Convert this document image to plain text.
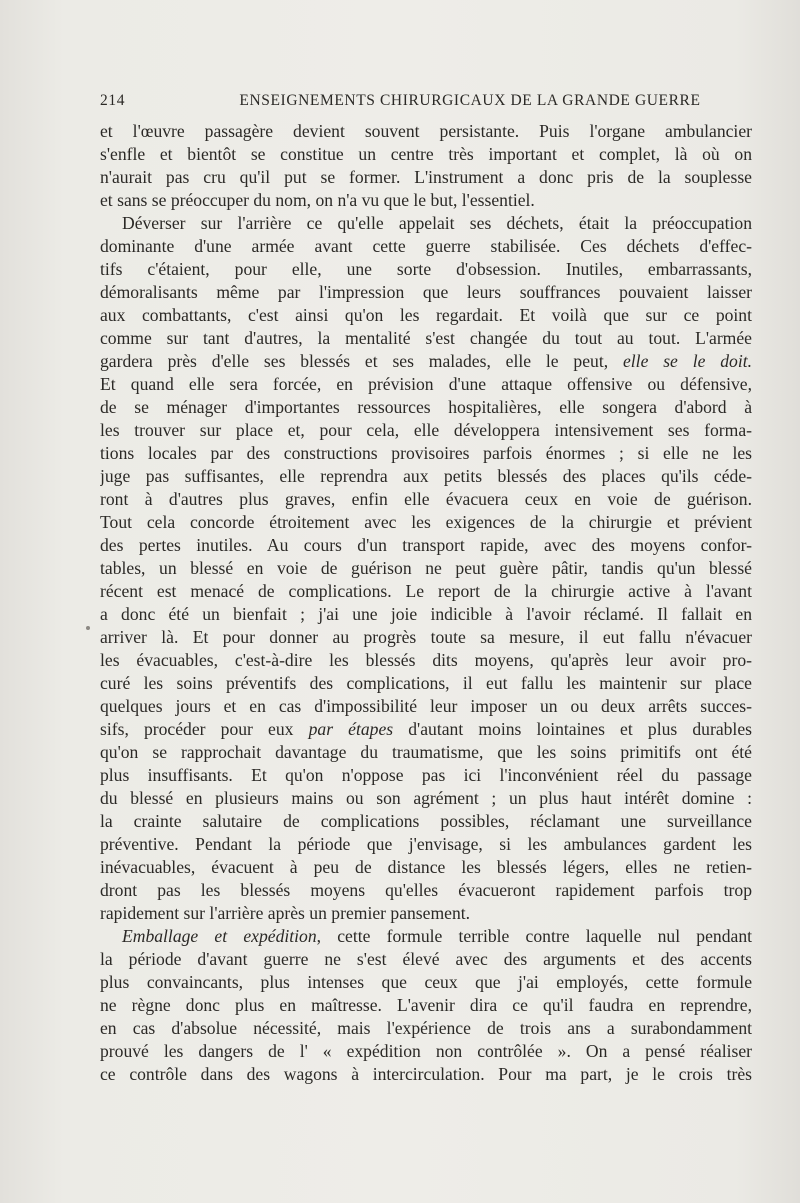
214	ENSEIGNEMENTS CHIRURGICAUX DE LA GRANDE GUERRE
et l'œuvre passagère devient souvent persistante. Puis l'organe ambulancier
s'enfle et bientôt se constitue un centre très important et complet, là où on
n'aurait pas cru qu'il put se former. L'instrument a donc pris de la souplesse
et sans se préoccuper du nom, on n'a vu que le but, l'essentiel.
Déverser sur l'arrière ce qu'elle appelait ses déchets, était la préoccupation
dominante d'une armée avant cette guerre stabilisée. Ces déchets d'effec-
tifs c'étaient, pour elle, une sorte d'obsession. Inutiles, embarrassants,
démoralisants même par l'impression que leurs souffrances pouvaient laisser
aux combattants, c'est ainsi qu'on les regardait. Et voilà que sur ce point
comme sur tant d'autres, la mentalité s'est changée du tout au tout. L'armée
gardera près d'elle ses blessés et ses malades, elle le peut, elle se le doit.
Et quand elle sera forcée, en prévision d'une attaque offensive ou défensive,
de se ménager d'importantes ressources hospitalières, elle songera d'abord à
les trouver sur place et, pour cela, elle développera intensivement ses forma-
tions locales par des constructions provisoires parfois énormes ; si elle ne les
juge pas suffisantes, elle reprendra aux petits blessés des places qu'ils céde-
ront à d'autres plus graves, enfin elle évacuera ceux en voie de guérison.
Tout cela concorde étroitement avec les exigences de la chirurgie et prévient
des pertes inutiles. Au cours d'un transport rapide, avec des moyens confor-
tables, un blessé en voie de guérison ne peut guère pâtir, tandis qu'un blessé
récent est menacé de complications. Le report de la chirurgie active à l'avant
a donc été un bienfait ; j'ai une joie indicible à l'avoir réclamé. Il fallait en
arriver là. Et pour donner au progrès toute sa mesure, il eut fallu n'évacuer
les évacuables, c'est-à-dire les blessés dits moyens, qu'après leur avoir pro-
curé les soins préventifs des complications, il eut fallu les maintenir sur place
quelques jours et en cas d'impossibilité leur imposer un ou deux arrêts succes-
sifs, procéder pour eux par étapes d'autant moins lointaines et plus durables
qu'on se rapprochait davantage du traumatisme, que les soins primitifs ont été
plus insuffisants. Et qu'on n'oppose pas ici l'inconvénient réel du passage
du blessé en plusieurs mains ou son agrément ; un plus haut intérêt domine :
la crainte salutaire de complications possibles, réclamant une surveillance
préventive. Pendant la période que j'envisage, si les ambulances gardent les
inévacuables, évacuent à peu de distance les blessés légers, elles ne retien-
dront pas les blessés moyens qu'elles évacueront rapidement parfois trop
rapidement sur l'arrière après un premier pansement.
Emballage et expédition, cette formule terrible contre laquelle nul pendant
la période d'avant guerre ne s'est élevé avec des arguments et des accents
plus convaincants, plus intenses que ceux que j'ai employés, cette formule
ne règne donc plus en maîtresse. L'avenir dira ce qu'il faudra en reprendre,
en cas d'absolue nécessité, mais l'expérience de trois ans a surabondamment
prouvé les dangers de l' « expédition non contrôlée ». On a pensé réaliser
ce contrôle dans des wagons à intercirculation. Pour ma part, je le crois très
